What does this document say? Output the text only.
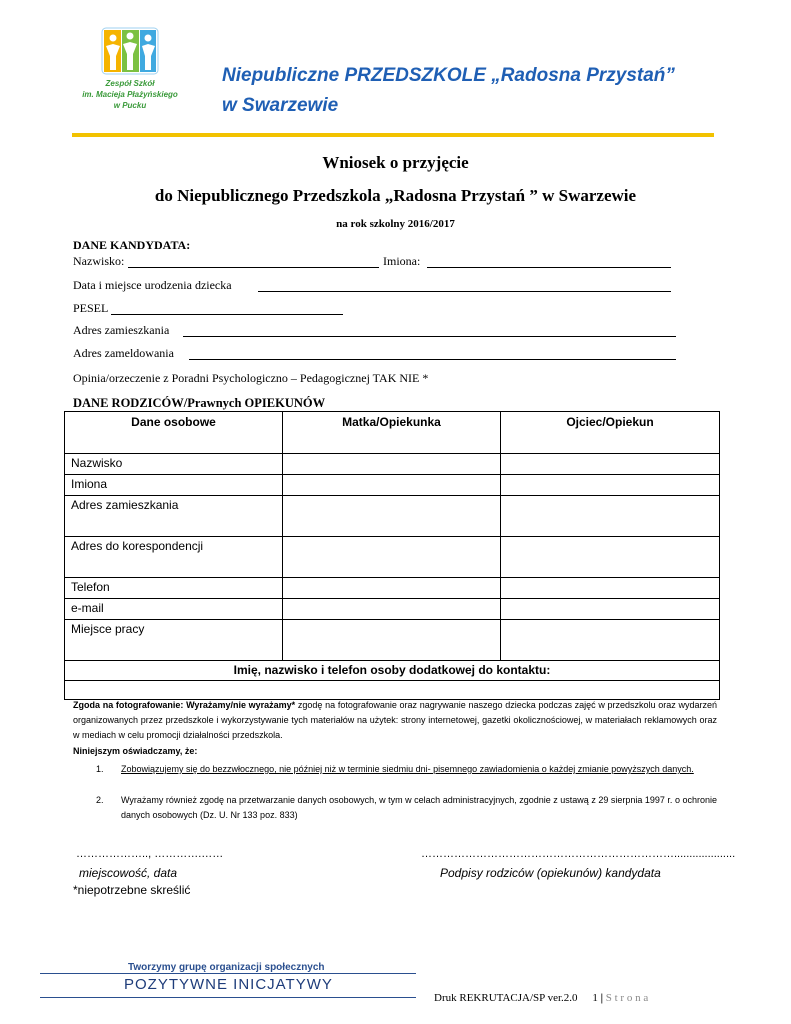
Zespół Szkół
im. Macieja Płażyńskiego
w Pucku
Niepubliczne PRZEDSZKOLE „Radosna Przystań”
w Swarzewie
Wniosek o przyjęcie
do Niepublicznego Przedszkola „Radosna Przystań ” w Swarzewie
na rok szkolny 2016/2017
DANE KANDYDATA:
Nazwisko:	Imiona:
Data i miejsce urodzenia dziecka
PESEL
Adres zamieszkania
Adres zameldowania
Opinia/orzeczenie z Poradni Psychologiczno – Pedagogicznej TAK NIE *
DANE RODZICÓW/Prawnych OPIEKUNÓW
Dane osobowe	Matka/Opiekunka	Ojciec/Opiekun
Nazwisko		
Imiona		
Adres zamieszkania		
Adres do korespondencji		
Telefon		
e-mail		
Miejsce pracy		
Imię, nazwisko i telefon osoby dodatkowej do kontaktu:		

Zgoda na fotografowanie: Wyrażamy/nie wyrażamy* zgodę na fotografowanie oraz nagrywanie naszego dziecka podczas zajęć w przedszkolu oraz wydarzeń organizowanych przez przedszkole i wykorzystywanie tych materiałów na użytek: strony internetowej, gazetki okolicznościowej, w materiałach reklamowych oraz w mediach w celu promocji działalności przedszkola.
Niniejszym oświadczamy, że:
1. Zobowiązujemy się do bezzwłocznego, nie później niż w terminie siedmiu dni- pisemnego zawiadomienia o każdej zmianie powyższych danych.
2. Wyrażamy również zgodę na przetwarzanie danych osobowych, w tym w celach administracyjnych, zgodnie z ustawą z 29 sierpnia 1997 r. o ochronie danych osobowych (Dz. U. Nr 133 poz. 833)
……………….., ………….……	……………………………………………………………....................
miejscowość, data	Podpisy rodziców (opiekunów) kandydata
*niepotrzebne skreślić
Tworzymy grupę organizacji społecznych
POZYTYWNE INICJATYWY
Druk REKRUTACJA/SP ver.2.0 1 | S t r o n a
